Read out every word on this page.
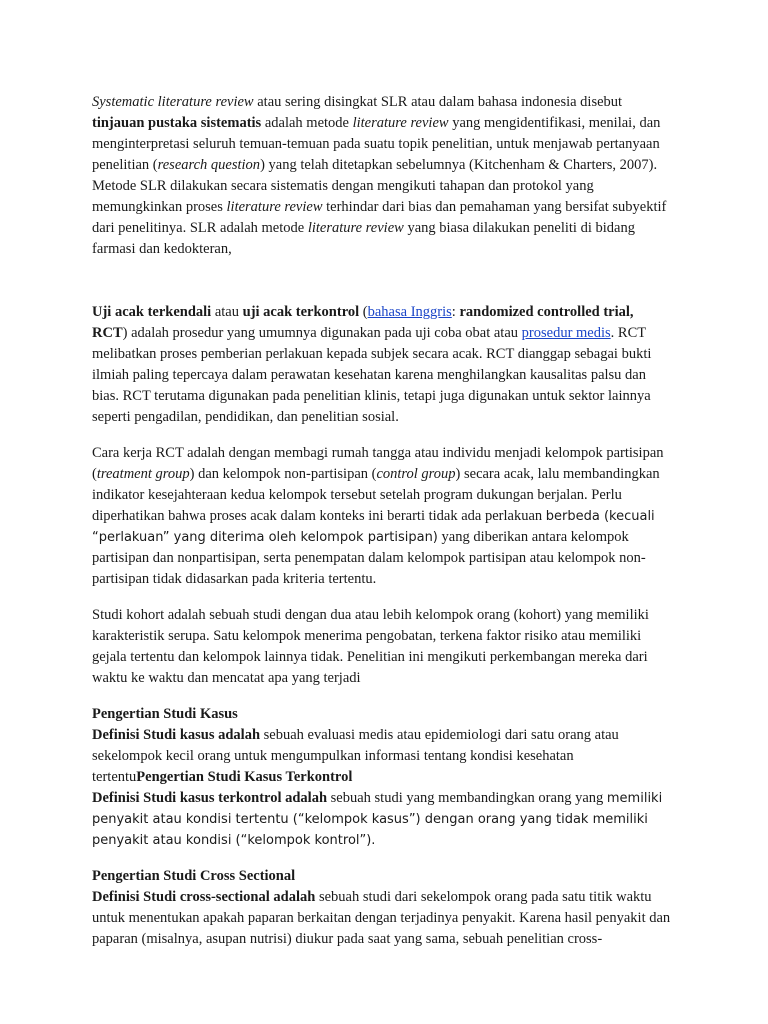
Systematic literature review atau sering disingkat SLR atau dalam bahasa indonesia disebut tinjauan pustaka sistematis adalah metode literature review yang mengidentifikasi, menilai, dan menginterpretasi seluruh temuan-temuan pada suatu topik penelitian, untuk menjawab pertanyaan penelitian (research question) yang telah ditetapkan sebelumnya (Kitchenham & Charters, 2007). Metode SLR dilakukan secara sistematis dengan mengikuti tahapan dan protokol yang memungkinkan proses literature review terhindar dari bias dan pemahaman yang bersifat subyektif dari penelitinya. SLR adalah metode literature review yang biasa dilakukan peneliti di bidang farmasi dan kedokteran,

Uji acak terkendali atau uji acak terkontrol (bahasa Inggris: randomized controlled trial, RCT) adalah prosedur yang umumnya digunakan pada uji coba obat atau prosedur medis. RCT melibatkan proses pemberian perlakuan kepada subjek secara acak. RCT dianggap sebagai bukti ilmiah paling tepercaya dalam perawatan kesehatan karena menghilangkan kausalitas palsu dan bias. RCT terutama digunakan pada penelitian klinis, tetapi juga digunakan untuk sektor lainnya seperti pengadilan, pendidikan, dan penelitian sosial.

Cara kerja RCT adalah dengan membagi rumah tangga atau individu menjadi kelompok partisipan (treatment group) dan kelompok non-partisipan (control group) secara acak, lalu membandingkan indikator kesejahteraan kedua kelompok tersebut setelah program dukungan berjalan. Perlu diperhatikan bahwa proses acak dalam konteks ini berarti tidak ada perlakuan berbeda (kecuali “perlakuan” yang diterima oleh kelompok partisipan) yang diberikan antara kelompok partisipan dan nonpartisipan, serta penempatan dalam kelompok partisipan atau kelompok non-partisipan tidak didasarkan pada kriteria tertentu.

Studi kohort adalah sebuah studi dengan dua atau lebih kelompok orang (kohort) yang memiliki karakteristik serupa. Satu kelompok menerima pengobatan, terkena faktor risiko atau memiliki gejala tertentu dan kelompok lainnya tidak. Penelitian ini mengikuti perkembangan mereka dari waktu ke waktu dan mencatat apa yang terjadi

Pengertian Studi Kasus

Definisi Studi kasus adalah sebuah evaluasi medis atau epidemiologi dari satu orang atau sekelompok kecil orang untuk mengumpulkan informasi tentang kondisi kesehatan tertentuPengertian Studi Kasus Terkontrol

Definisi Studi kasus terkontrol adalah sebuah studi yang membandingkan orang yang memiliki penyakit atau kondisi tertentu (“kelompok kasus”) dengan orang yang tidak memiliki penyakit atau kondisi (“kelompok kontrol”).

Pengertian Studi Cross Sectional

Definisi Studi cross-sectional adalah sebuah studi dari sekelompok orang pada satu titik waktu untuk menentukan apakah paparan berkaitan dengan terjadinya penyakit. Karena hasil penyakit dan paparan (misalnya, asupan nutrisi) diukur pada saat yang sama, sebuah penelitian cross-
